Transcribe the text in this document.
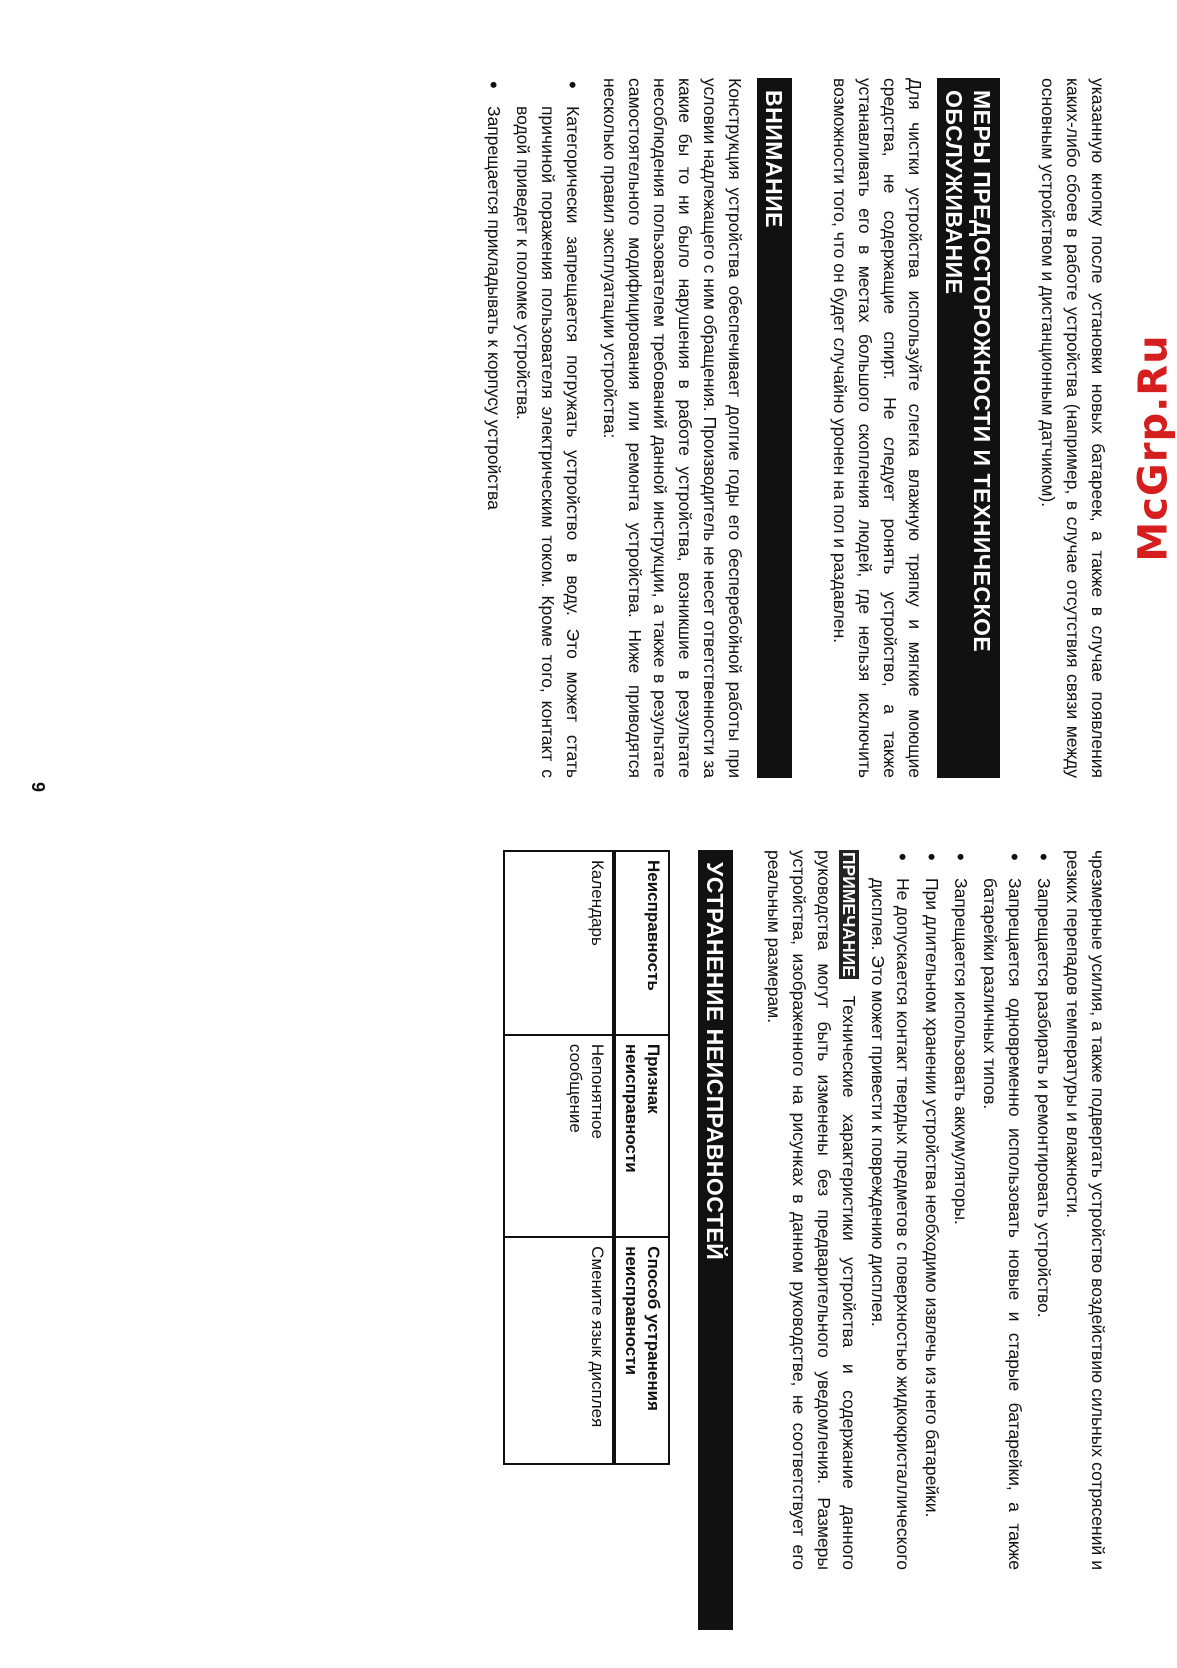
указанную кнопку после установки новых батареек, а также в случае появления каких-либо сбоев в работе устройства (например, в случае отсутствия связи между основным устройством и дистанционным датчиком).

МЕРЫ ПРЕДОСТОРОЖНОСТИ И ТЕХНИЧЕСКОЕ ОБСЛУЖИВАНИЕ

Для чистки устройства используйте слегка влажную тряпку и мягкие моющие средства, не содержащие спирт. Не следует ронять устройство, а также устанавливать его в местах большого скопления людей, где нельзя исключить возможности того, что он будет случайно уронен на пол и раздавлен.

ВНИМАНИЕ

Конструкция устройства обеспечивает долгие годы его бесперебойной работы при условии надлежащего с ним обращения. Производитель не несет ответственности за какие бы то ни было нарушения в работе устройства, возникшие в результате несоблюдения пользователем требований данной инструкции, а также в результате самостоятельного модифицирования или ремонта устройства. Ниже приводятся несколько правил эксплуатации устройства:

• Категорически запрещается погружать устройство в воду. Это может стать причиной поражения пользователя электрическим током. Кроме того, контакт с водой приведет к поломке устройства.
• Запрещается прикладывать к корпусу устройства
9

чрезмерные усилия, а также подвергать устройство воздействию сильных сотрясений и резких перепадов температуры и влажности.

• Запрещается разбирать и ремонтировать устройство.
• Запрещается одновременно использовать новые и старые батарейки, а также батарейки различных типов.
• Запрещается использовать аккумуляторы.
• При длительном хранении устройства необходимо извлечь из него батарейки.
• Не допускается контакт твердых предметов с поверхностью жидкокристаллического дисплея. Это может привести к повреждению дисплея.

ПРИМЕЧАНИЕ Технические характеристики устройства и содержание данного руководства могут быть изменены без предварительного уведомления. Размеры устройства, изображенного на рисунках в данном руководстве, не соответствует его реальным размерам.

УСТРАНЕНИЕ НЕИСПРАВНОСТЕЙ
Неисправность	Признак неисправности	Способ устранения неисправности
Календарь	Непонятное сообщение	Смените язык дисплея
McGrp.Ru
